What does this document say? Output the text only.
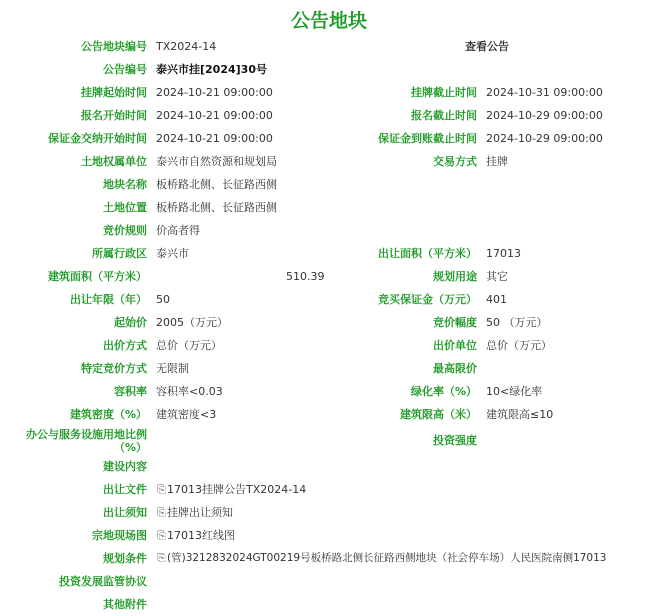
公告地块
公告地块编号 TX2024-14	查看公告
公告编号 泰兴市挂[2024]30号
挂牌起始时间 2024-10-21 09:00:00	挂牌截止时间 2024-10-31 09:00:00
报名开始时间 2024-10-21 09:00:00	报名截止时间 2024-10-29 09:00:00
保证金交纳开始时间 2024-10-21 09:00:00	保证金到账截止时间 2024-10-29 09:00:00
土地权属单位 泰兴市自然资源和规划局	交易方式 挂牌
地块名称 板桥路北侧、长征路西侧
土地位置 板桥路北侧、长征路西侧
竞价规则 价高者得
所属行政区 泰兴市	出让面积（平方米） 17013
建筑面积（平方米）	510.39	规划用途 其它
出让年限（年） 50	竞买保证金（万元） 401
起始价 2005（万元）	竞价幅度 50 （万元）
出价方式 总价（万元）	出价单位 总价（万元）
特定竞价方式 无限制	最高限价
容积率 容积率<0.03	绿化率（%） 10<绿化率
建筑密度（%） 建筑密度<3	建筑限高（米） 建筑限高≤10
办公与服务设施用地比例
（%）
投资强度
建设内容
出让文件 ⎘17013挂牌公告TX2024-14
出让须知 ⎘挂牌出让须知
宗地现场图 ⎘17013红线图
规划条件 ⎘(管)3212832024GT00219号板桥路北侧长征路西侧地块（社会停车场）人民医院南侧17013
投资发展监管协议
其他附件
